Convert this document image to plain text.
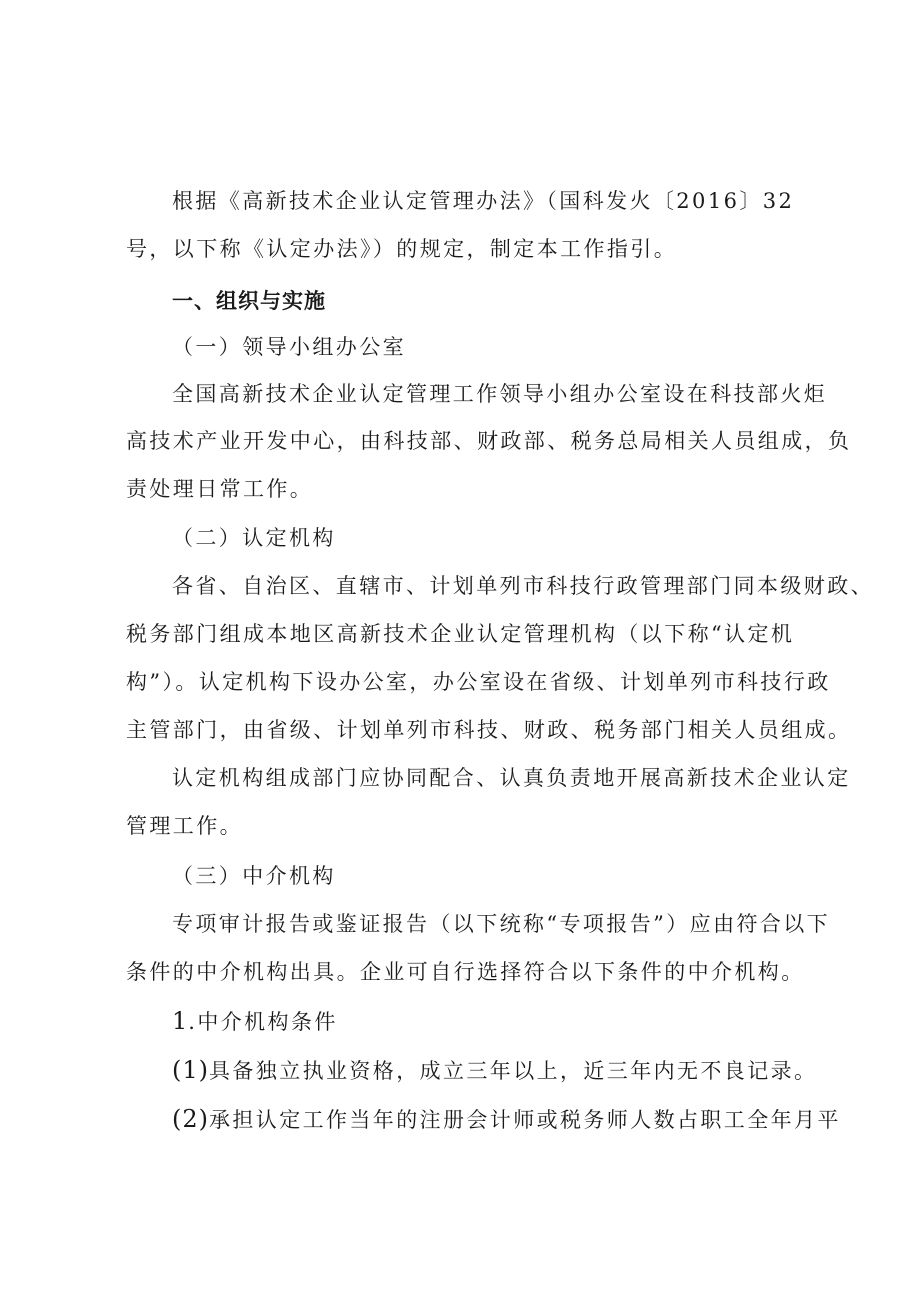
根据《高新技术企业认定管理办法》（国科发火〔2016〕32
号，以下称《认定办法》）的规定，制定本工作指引。
一、组织与实施
（一）领导小组办公室
全国高新技术企业认定管理工作领导小组办公室设在科技部火炬
高技术产业开发中心，由科技部、财政部、税务总局相关人员组成，负
责处理日常工作。
（二）认定机构
各省、自治区、直辖市、计划单列市科技行政管理部门同本级财政、
税务部门组成本地区高新技术企业认定管理机构（以下称“认定机
构”）。认定机构下设办公室，办公室设在省级、计划单列市科技行政
主管部门，由省级、计划单列市科技、财政、税务部门相关人员组成。
认定机构组成部门应协同配合、认真负责地开展高新技术企业认定
管理工作。
（三）中介机构
专项审计报告或鉴证报告（以下统称“专项报告”）应由符合以下
条件的中介机构出具。企业可自行选择符合以下条件的中介机构。
1.中介机构条件
(1)具备独立执业资格，成立三年以上，近三年内无不良记录。
(2)承担认定工作当年的注册会计师或税务师人数占职工全年月平
